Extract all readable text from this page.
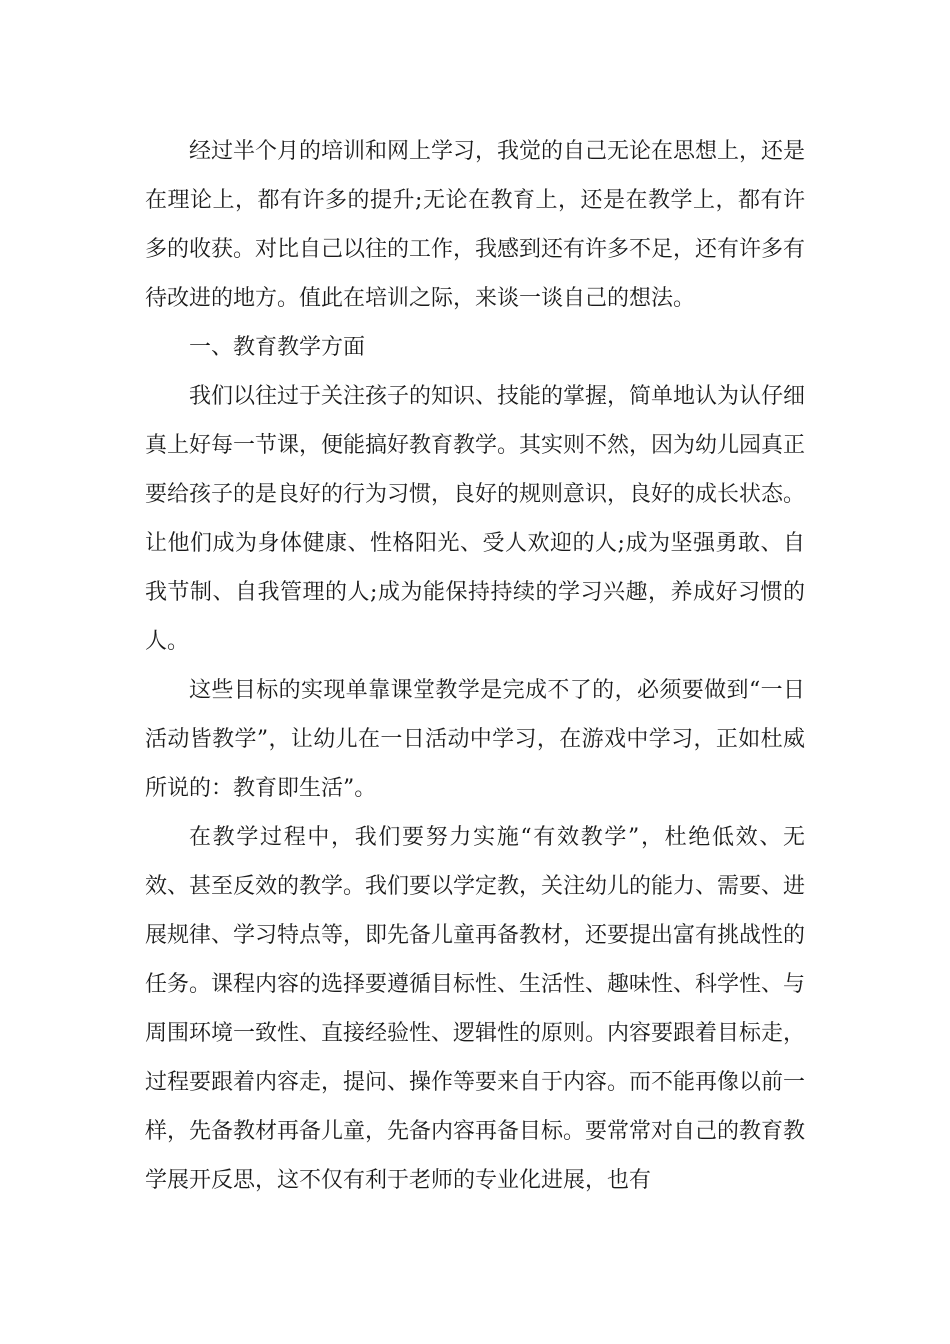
经过半个月的培训和网上学习，我觉的自己无论在思想上，还是在理论上，都有许多的提升;无论在教育上，还是在教学上，都有许多的收获。对比自己以往的工作，我感到还有许多不足，还有许多有待改进的地方。值此在培训之际，来谈一谈自己的想法。

一、教育教学方面

我们以往过于关注孩子的知识、技能的掌握，简单地认为认仔细真上好每一节课，便能搞好教育教学。其实则不然，因为幼儿园真正要给孩子的是良好的行为习惯，良好的规则意识，良好的成长状态。让他们成为身体健康、性格阳光、受人欢迎的人;成为坚强勇敢、自我节制、自我管理的人;成为能保持持续的学习兴趣，养成好习惯的人。

这些目标的实现单靠课堂教学是完成不了的，必须要做到“一日活动皆教学”，让幼儿在一日活动中学习，在游戏中学习，正如杜威所说的：教育即生活”。

在教学过程中，我们要努力实施“有效教学”，杜绝低效、无效、甚至反效的教学。我们要以学定教，关注幼儿的能力、需要、进展规律、学习特点等，即先备儿童再备教材，还要提出富有挑战性的任务。课程内容的选择要遵循目标性、生活性、趣味性、科学性、与周围环境一致性、直接经验性、逻辑性的原则。内容要跟着目标走，过程要跟着内容走，提问、操作等要来自于内容。而不能再像以前一样，先备教材再备儿童，先备内容再备目标。要常常对自己的教育教学展开反思，这不仅有利于老师的专业化进展，也有
